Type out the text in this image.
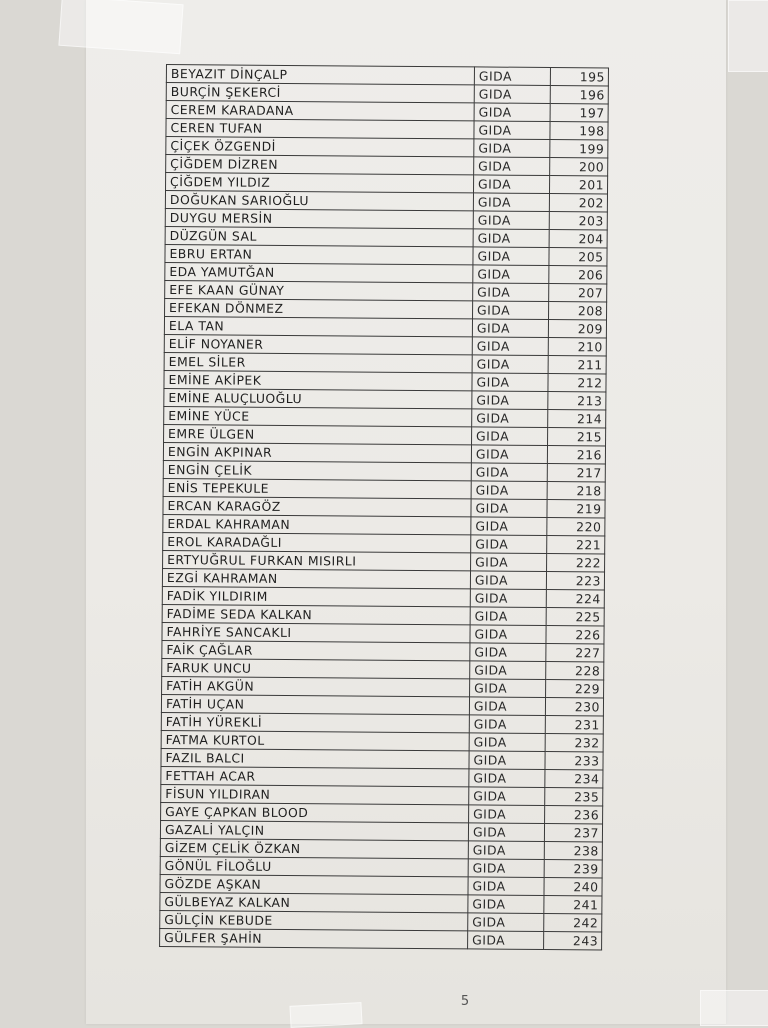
BEYAZIT DİNÇALP	GIDA	195
BURÇİN ŞEKERCİ	GIDA	196
CEREM KARADANA	GIDA	197
CEREN TUFAN	GIDA	198
ÇİÇEK ÖZGENDİ	GIDA	199
ÇİĞDEM DİZREN	GIDA	200
ÇİĞDEM YILDIZ	GIDA	201
DOĞUKAN SARIOĞLU	GIDA	202
DUYGU MERSİN	GIDA	203
DÜZGÜN SAL	GIDA	204
EBRU ERTAN	GIDA	205
EDA YAMUTĞAN	GIDA	206
EFE KAAN GÜNAY	GIDA	207
EFEKAN DÖNMEZ	GIDA	208
ELA TAN	GIDA	209
ELİF NOYANER	GIDA	210
EMEL SİLER	GIDA	211
EMİNE AKİPEK	GIDA	212
EMİNE ALUÇLUOĞLU	GIDA	213
EMİNE YÜCE	GIDA	214
EMRE ÜLGEN	GIDA	215
ENGİN AKPINAR	GIDA	216
ENGİN ÇELİK	GIDA	217
ENİS TEPEKULE	GIDA	218
ERCAN KARAGÖZ	GIDA	219
ERDAL KAHRAMAN	GIDA	220
EROL KARADAĞLI	GIDA	221
ERTYUĞRUL FURKAN MISIRLI	GIDA	222
EZGİ KAHRAMAN	GIDA	223
FADİK YILDIRIM	GIDA	224
FADİME SEDA KALKAN	GIDA	225
FAHRİYE SANCAKLI	GIDA	226
FAİK ÇAĞLAR	GIDA	227
FARUK UNCU	GIDA	228
FATİH AKGÜN	GIDA	229
FATİH UÇAN	GIDA	230
FATİH YÜREKLİ	GIDA	231
FATMA KURTOL	GIDA	232
FAZIL BALCI	GIDA	233
FETTAH ACAR	GIDA	234
FİSUN YILDIRAN	GIDA	235
GAYE ÇAPKAN BLOOD	GIDA	236
GAZALİ YALÇIN	GIDA	237
GİZEM ÇELİK ÖZKAN	GIDA	238
GÖNÜL FİLOĞLU	GIDA	239
GÖZDE AŞKAN	GIDA	240
GÜLBEYAZ KALKAN	GIDA	241
GÜLÇİN KEBUDE	GIDA	242
GÜLFER ŞAHİN	GIDA	243
5
